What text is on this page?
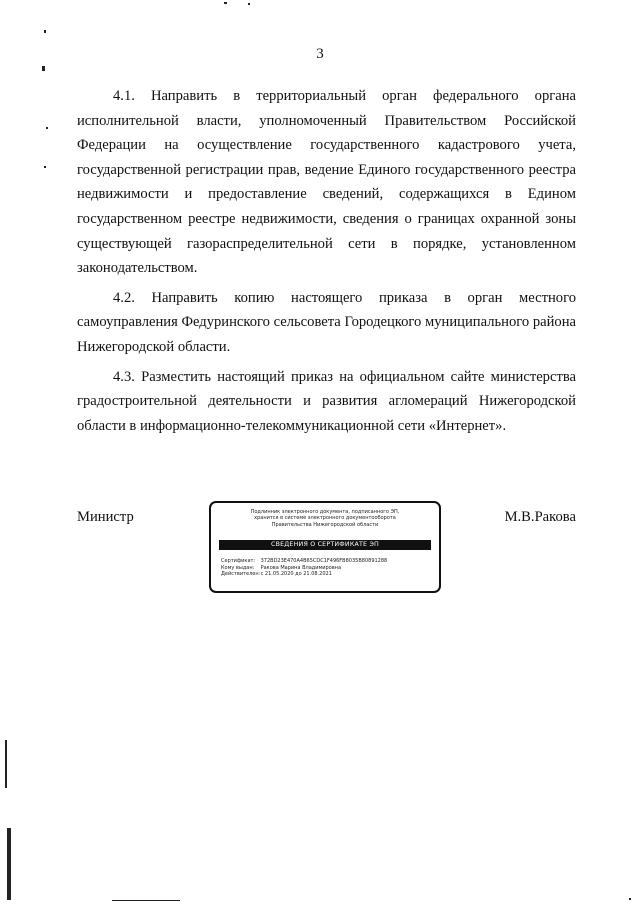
3

4.1. Направить в территориальный орган федерального органа исполнительной власти, уполномоченный Правительством Российской Федерации на осуществление государственного кадастрового учета, государственной регистрации прав, ведение Единого государственного реестра недвижимости и предоставление сведений, содержащихся в Едином государственном реестре недвижимости, сведения о границах охранной зоны существующей газораспределительной сети в порядке, установленном законодательством.

4.2. Направить копию настоящего приказа в орган местного самоуправления Федуринского сельсовета Городецкого муниципального района Нижегородской области.

4.3. Разместить настоящий приказ на официальном сайте министерства градостроительной деятельности и развития агломераций Нижегородской области в информационно-телекоммуникационной сети «Интернет».

Министр	Подлинник электронного документа, подписанного ЭП,
хранится в системе электронного документооборота
Правительства Нижегородской области
СВЕДЕНИЯ О СЕРТИФИКАТЕ ЭП
Сертификат: 372BD23E470A4B65CDC1F496FB8035B80891288
Кому выдан: Ракова Марина Владимировна
Действителен: с 21.05.2020 до 21.08.2021
М.В.Ракова
